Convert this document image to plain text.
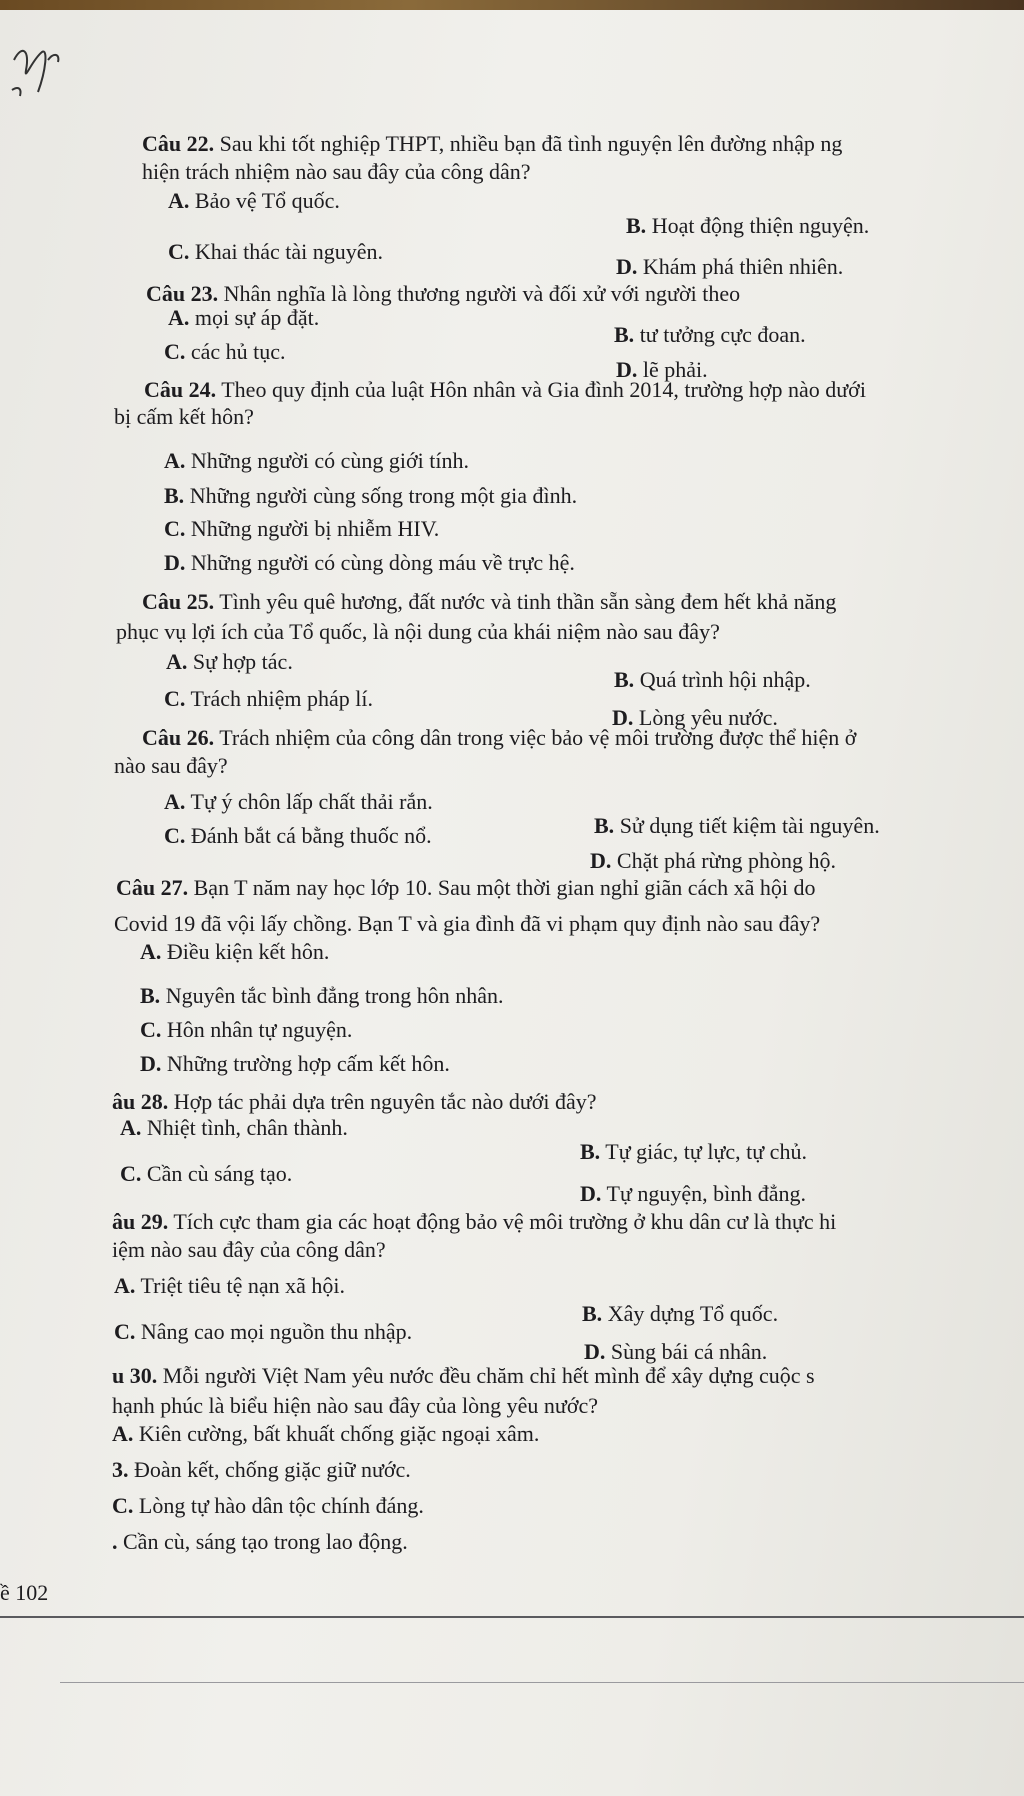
Câu 22. Sau khi tốt nghiệp THPT, nhiều bạn đã tình nguyện lên đường nhập ng
hiện trách nhiệm nào sau đây của công dân?
A. Bảo vệ Tổ quốc.
B. Hoạt động thiện nguyện.
C. Khai thác tài nguyên.
D. Khám phá thiên nhiên.
Câu 23. Nhân nghĩa là lòng thương người và đối xử với người theo
A. mọi sự áp đặt.
B. tư tưởng cực đoan.
C. các hủ tục.
D. lẽ phải.
Câu 24. Theo quy định của luật Hôn nhân và Gia đình 2014, trường hợp nào dưới
bị cấm kết hôn?
A. Những người có cùng giới tính.
B. Những người cùng sống trong một gia đình.
C. Những người bị nhiễm HIV.
D. Những người có cùng dòng máu về trực hệ.
Câu 25. Tình yêu quê hương, đất nước và tinh thần sẵn sàng đem hết khả năng
phục vụ lợi ích của Tổ quốc, là nội dung của khái niệm nào sau đây?
A. Sự hợp tác.
B. Quá trình hội nhập.
C. Trách nhiệm pháp lí.
D. Lòng yêu nước.
Câu 26. Trách nhiệm của công dân trong việc bảo vệ môi trường được thể hiện ở
nào sau đây?
A. Tự ý chôn lấp chất thải rắn.
B. Sử dụng tiết kiệm tài nguyên.
C. Đánh bắt cá bằng thuốc nổ.
D. Chặt phá rừng phòng hộ.
Câu 27. Bạn T năm nay học lớp 10. Sau một thời gian nghỉ giãn cách xã hội do
Covid 19 đã vội lấy chồng. Bạn T và gia đình đã vi phạm quy định nào sau đây?
A. Điều kiện kết hôn.
B. Nguyên tắc bình đẳng trong hôn nhân.
C. Hôn nhân tự nguyện.
D. Những trường hợp cấm kết hôn.
âu 28. Hợp tác phải dựa trên nguyên tắc nào dưới đây?
A. Nhiệt tình, chân thành.
B. Tự giác, tự lực, tự chủ.
C. Cần cù sáng tạo.
D. Tự nguyện, bình đẳng.
âu 29. Tích cực tham gia các hoạt động bảo vệ môi trường ở khu dân cư là thực hi
iệm nào sau đây của công dân?
A. Triệt tiêu tệ nạn xã hội.
B. Xây dựng Tổ quốc.
C. Nâng cao mọi nguồn thu nhập.
D. Sùng bái cá nhân.
u 30. Mỗi người Việt Nam yêu nước đều chăm chỉ hết mình để xây dựng cuộc s
hạnh phúc là biểu hiện nào sau đây của lòng yêu nước?
A. Kiên cường, bất khuất chống giặc ngoại xâm.
3. Đoàn kết, chống giặc giữ nước.
C. Lòng tự hào dân tộc chính đáng.
. Cần cù, sáng tạo trong lao động.
ề 102
